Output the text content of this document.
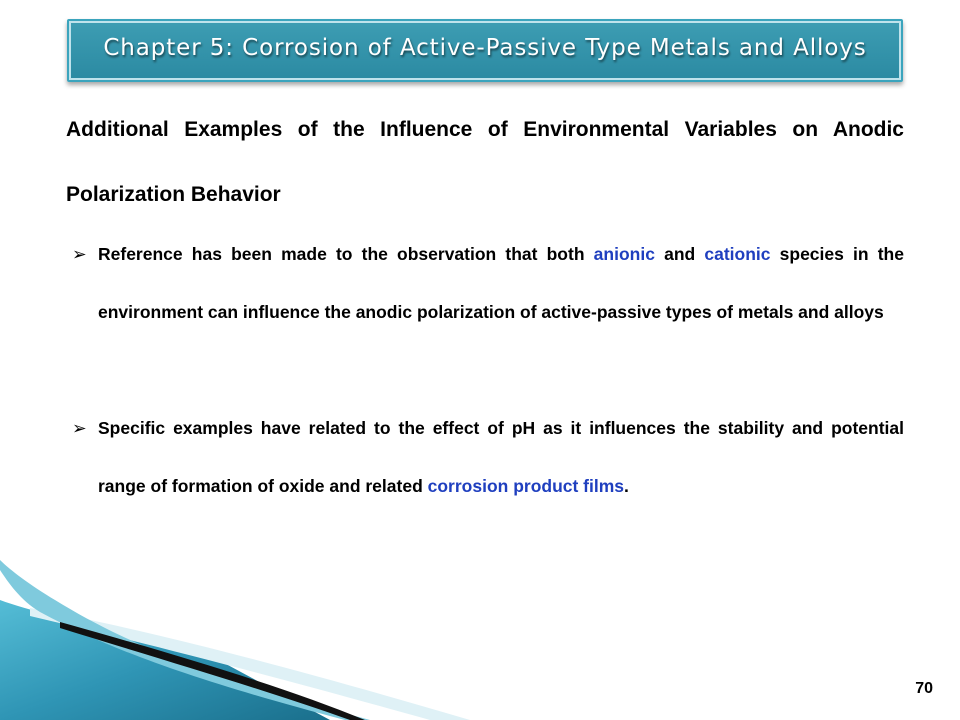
Chapter 5: Corrosion of Active-Passive Type Metals and Alloys

Additional Examples of the Influence of Environmental Variables on Anodic Polarization Behavior

➢ Reference has been made to the observation that both anionic and cationic species in the environment can influence the anodic polarization of active-passive types of metals and alloys
➢ Specific examples have related to the effect of pH as it influences the stability and potential range of formation of oxide and related corrosion product films.
70
